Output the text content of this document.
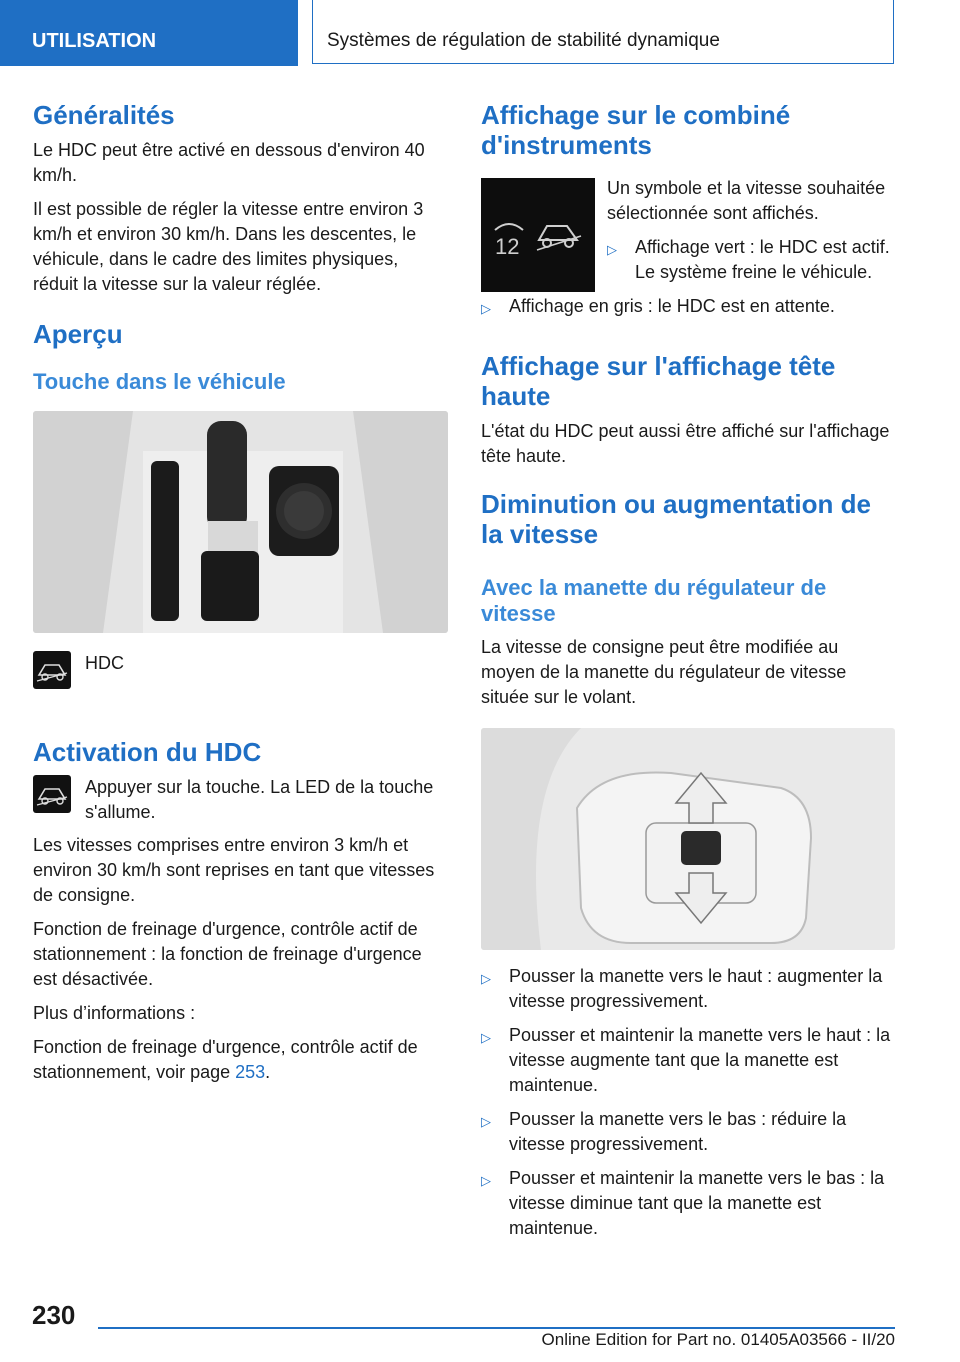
UTILISATION	Systèmes de régulation de stabilité dynamique
Généralités

Le HDC peut être activé en dessous d'environ 40 km/h.

Il est possible de régler la vitesse entre environ 3 km/h et environ 30 km/h. Dans les descentes, le véhicule, dans le cadre des limites physiques, réduit la vitesse sur la valeur réglée.

Aperçu
Touche dans le véhicule

HDC

Activation du HDC

Appuyer sur la touche. La LED de la touche s'allume.

Les vitesses comprises entre environ 3 km/h et environ 30 km/h sont reprises en tant que vitesses de consigne.

Fonction de freinage d'urgence, contrôle actif de stationnement : la fonction de freinage d'urgence est désactivée.

Plus d’informations :

Fonction de freinage d'urgence, contrôle actif de stationnement, voir page 253.

Affichage sur le combiné d'instruments
12

Un symbole et la vitesse souhaitée sélectionnée sont affichés.

▷	Affichage vert : le HDC est actif. Le système freine le véhicule.
▷	Affichage en gris : le HDC est en attente.
Affichage sur l'affichage tête haute

L'état du HDC peut aussi être affiché sur l'affichage tête haute.

Diminution ou augmentation de la vitesse
Avec la manette du régulateur de vitesse

La vitesse de consigne peut être modifiée au moyen de la manette du régulateur de vitesse située sur le volant.

▷	Pousser la manette vers le haut : augmenter la vitesse progressivement.
▷	Pousser et maintenir la manette vers le haut : la vitesse augmente tant que la manette est maintenue.
▷	Pousser la manette vers le bas : réduire la vitesse progressivement.
▷	Pousser et maintenir la manette vers le bas : la vitesse diminue tant que la manette est maintenue.
230
Online Edition for Part no. 01405A03566 - II/20
